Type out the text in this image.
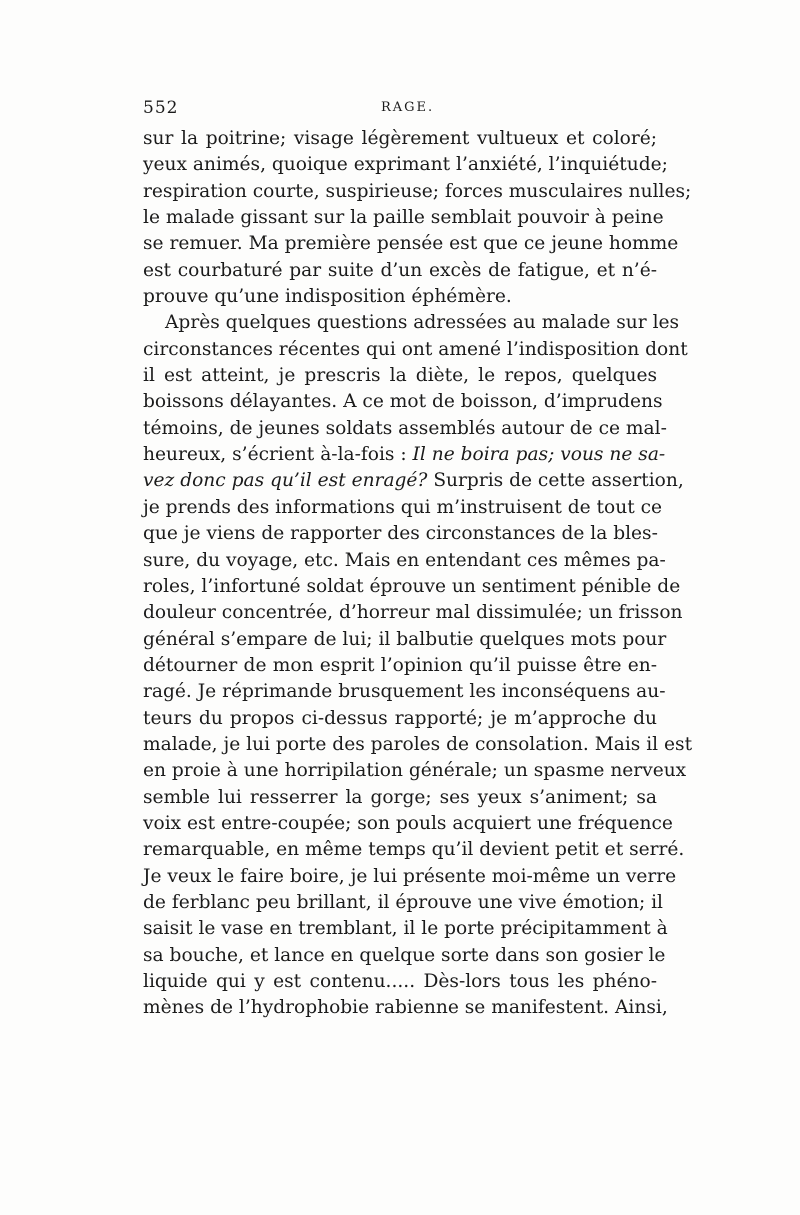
552	RAGE.
sur la poitrine; visage légèrement vultueux et coloré;
yeux animés, quoique exprimant l’anxiété, l’inquiétude;
respiration courte, suspirieuse; forces musculaires nulles;
le malade gissant sur la paille semblait pouvoir à peine
se remuer. Ma première pensée est que ce jeune homme
est courbaturé par suite d’un excès de fatigue, et n’é-
prouve qu’une indisposition éphémère.
Après quelques questions adressées au malade sur les
circonstances récentes qui ont amené l’indisposition dont
il est atteint, je prescris la diète, le repos, quelques
boissons délayantes. A ce mot de boisson, d’imprudens
témoins, de jeunes soldats assemblés autour de ce mal-
heureux, s’écrient à-la-fois : Il ne boira pas; vous ne sa-
vez donc pas qu’il est enragé? Surpris de cette assertion,
je prends des informations qui m’instruisent de tout ce
que je viens de rapporter des circonstances de la bles-
sure, du voyage, etc. Mais en entendant ces mêmes pa-
roles, l’infortuné soldat éprouve un sentiment pénible de
douleur concentrée, d’horreur mal dissimulée; un frisson
général s’empare de lui; il balbutie quelques mots pour
détourner de mon esprit l’opinion qu’il puisse être en-
ragé. Je réprimande brusquement les inconséquens au-
teurs du propos ci-dessus rapporté; je m’approche du
malade, je lui porte des paroles de consolation. Mais il est
en proie à une horripilation générale; un spasme nerveux
semble lui resserrer la gorge; ses yeux s’animent; sa
voix est entre-coupée; son pouls acquiert une fréquence
remarquable, en même temps qu’il devient petit et serré.
Je veux le faire boire, je lui présente moi-même un verre
de ferblanc peu brillant, il éprouve une vive émotion; il
saisit le vase en tremblant, il le porte précipitamment à
sa bouche, et lance en quelque sorte dans son gosier le
liquide qui y est contenu..... Dès-lors tous les phéno-
mènes de l’hydrophobie rabienne se manifestent. Ainsi,
